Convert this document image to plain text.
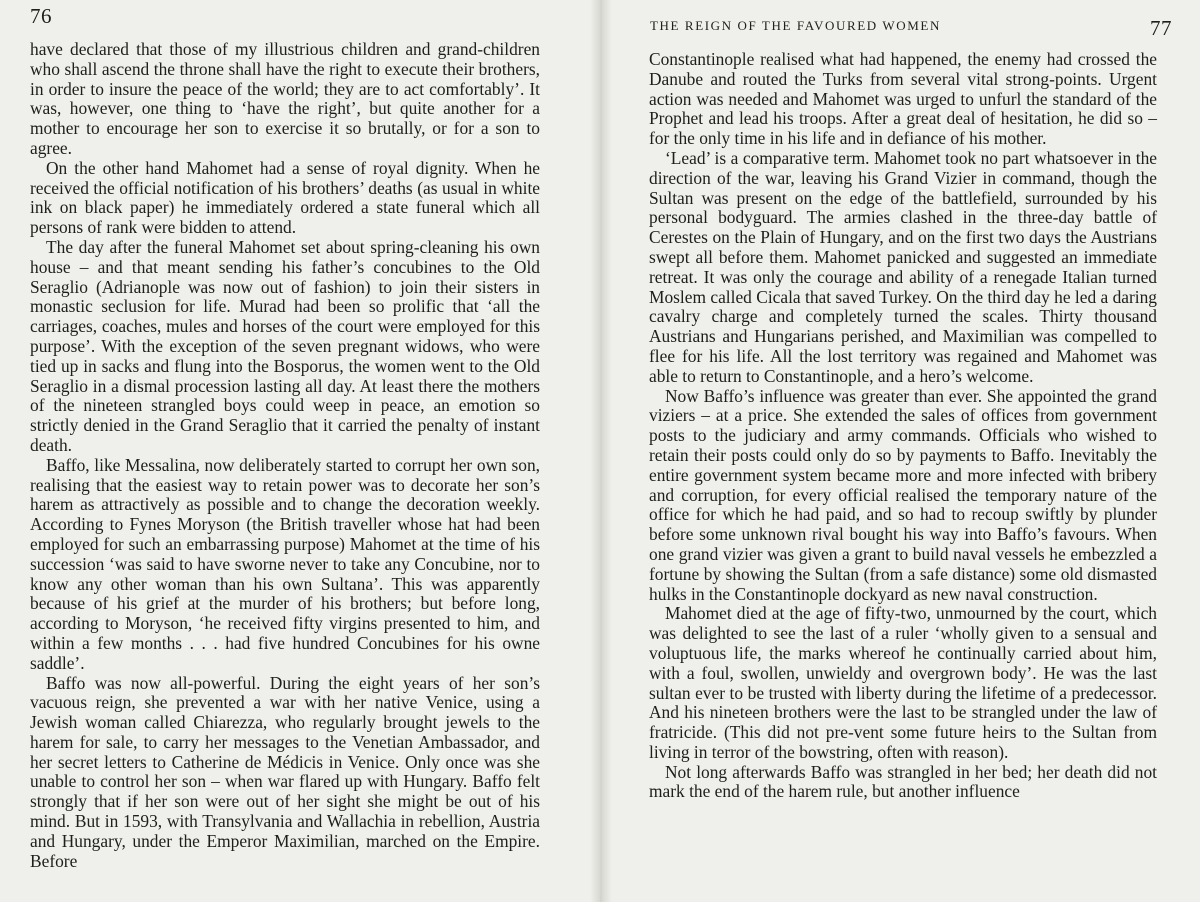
76

have declared that those of my illustrious children and grand-children who shall ascend the throne shall have the right to execute their brothers, in order to insure the peace of the world; they are to act comfortably’. It was, however, one thing to ‘have the right’, but quite another for a mother to encourage her son to exercise it so brutally, or for a son to agree.

On the other hand Mahomet had a sense of royal dignity. When he received the official notification of his brothers’ deaths (as usual in white ink on black paper) he immediately ordered a state funeral which all persons of rank were bidden to attend.

The day after the funeral Mahomet set about spring-cleaning his own house – and that meant sending his father’s concubines to the Old Seraglio (Adrianople was now out of fashion) to join their sisters in monastic seclusion for life. Murad had been so prolific that ‘all the carriages, coaches, mules and horses of the court were employed for this purpose’. With the exception of the seven pregnant widows, who were tied up in sacks and flung into the Bosporus, the women went to the Old Seraglio in a dismal procession lasting all day. At least there the mothers of the nineteen strangled boys could weep in peace, an emotion so strictly denied in the Grand Seraglio that it carried the penalty of instant death.

Baffo, like Messalina, now deliberately started to corrupt her own son, realising that the easiest way to retain power was to decorate her son’s harem as attractively as possible and to change the decoration weekly. According to Fynes Moryson (the British traveller whose hat had been employed for such an embarrassing purpose) Mahomet at the time of his succession ‘was said to have sworne never to take any Concubine, nor to know any other woman than his own Sultana’. This was apparently because of his grief at the murder of his brothers; but before long, according to Moryson, ‘he received fifty virgins presented to him, and within a few months . . . had five hundred Concubines for his owne saddle’.

Baffo was now all-powerful. During the eight years of her son’s vacuous reign, she prevented a war with her native Venice, using a Jewish woman called Chiarezza, who regularly brought jewels to the harem for sale, to carry her messages to the Venetian Ambassador, and her secret letters to Catherine de Médicis in Venice. Only once was she unable to control her son – when war flared up with Hungary. Baffo felt strongly that if her son were out of her sight she might be out of his mind. But in 1593, with Transylvania and Wallachia in rebellion, Austria and Hungary, under the Emperor Maximilian, marched on the Empire. Before

77

Constantinople realised what had happened, the enemy had crossed the Danube and routed the Turks from several vital strong-points. Urgent action was needed and Mahomet was urged to unfurl the standard of the Prophet and lead his troops. After a great deal of hesitation, he did so – for the only time in his life and in defiance of his mother.

‘Lead’ is a comparative term. Mahomet took no part whatsoever in the direction of the war, leaving his Grand Vizier in command, though the Sultan was present on the edge of the battlefield, surrounded by his personal bodyguard. The armies clashed in the three-day battle of Cerestes on the Plain of Hungary, and on the first two days the Austrians swept all before them. Mahomet panicked and suggested an immediate retreat. It was only the courage and ability of a renegade Italian turned Moslem called Cicala that saved Turkey. On the third day he led a daring cavalry charge and completely turned the scales. Thirty thousand Austrians and Hungarians perished, and Maximilian was compelled to flee for his life. All the lost territory was regained and Mahomet was able to return to Constantinople, and a hero’s welcome.

Now Baffo’s influence was greater than ever. She appointed the grand viziers – at a price. She extended the sales of offices from government posts to the judiciary and army commands. Officials who wished to retain their posts could only do so by payments to Baffo. Inevitably the entire government system became more and more infected with bribery and corruption, for every official realised the temporary nature of the office for which he had paid, and so had to recoup swiftly by plunder before some unknown rival bought his way into Baffo’s favours. When one grand vizier was given a grant to build naval vessels he embezzled a fortune by showing the Sultan (from a safe distance) some old dismasted hulks in the Constantinople dockyard as new naval construction.

Mahomet died at the age of fifty-two, unmourned by the court, which was delighted to see the last of a ruler ‘wholly given to a sensual and voluptuous life, the marks whereof he continually carried about him, with a foul, swollen, unwieldy and overgrown body’. He was the last sultan ever to be trusted with liberty during the lifetime of a predecessor. And his nineteen brothers were the last to be strangled under the law of fratricide. (This did not pre-vent some future heirs to the Sultan from living in terror of the bowstring, often with reason).

Not long afterwards Baffo was strangled in her bed; her death did not mark the end of the harem rule, but another influence

THE REIGN OF THE FAVOURED WOMEN
